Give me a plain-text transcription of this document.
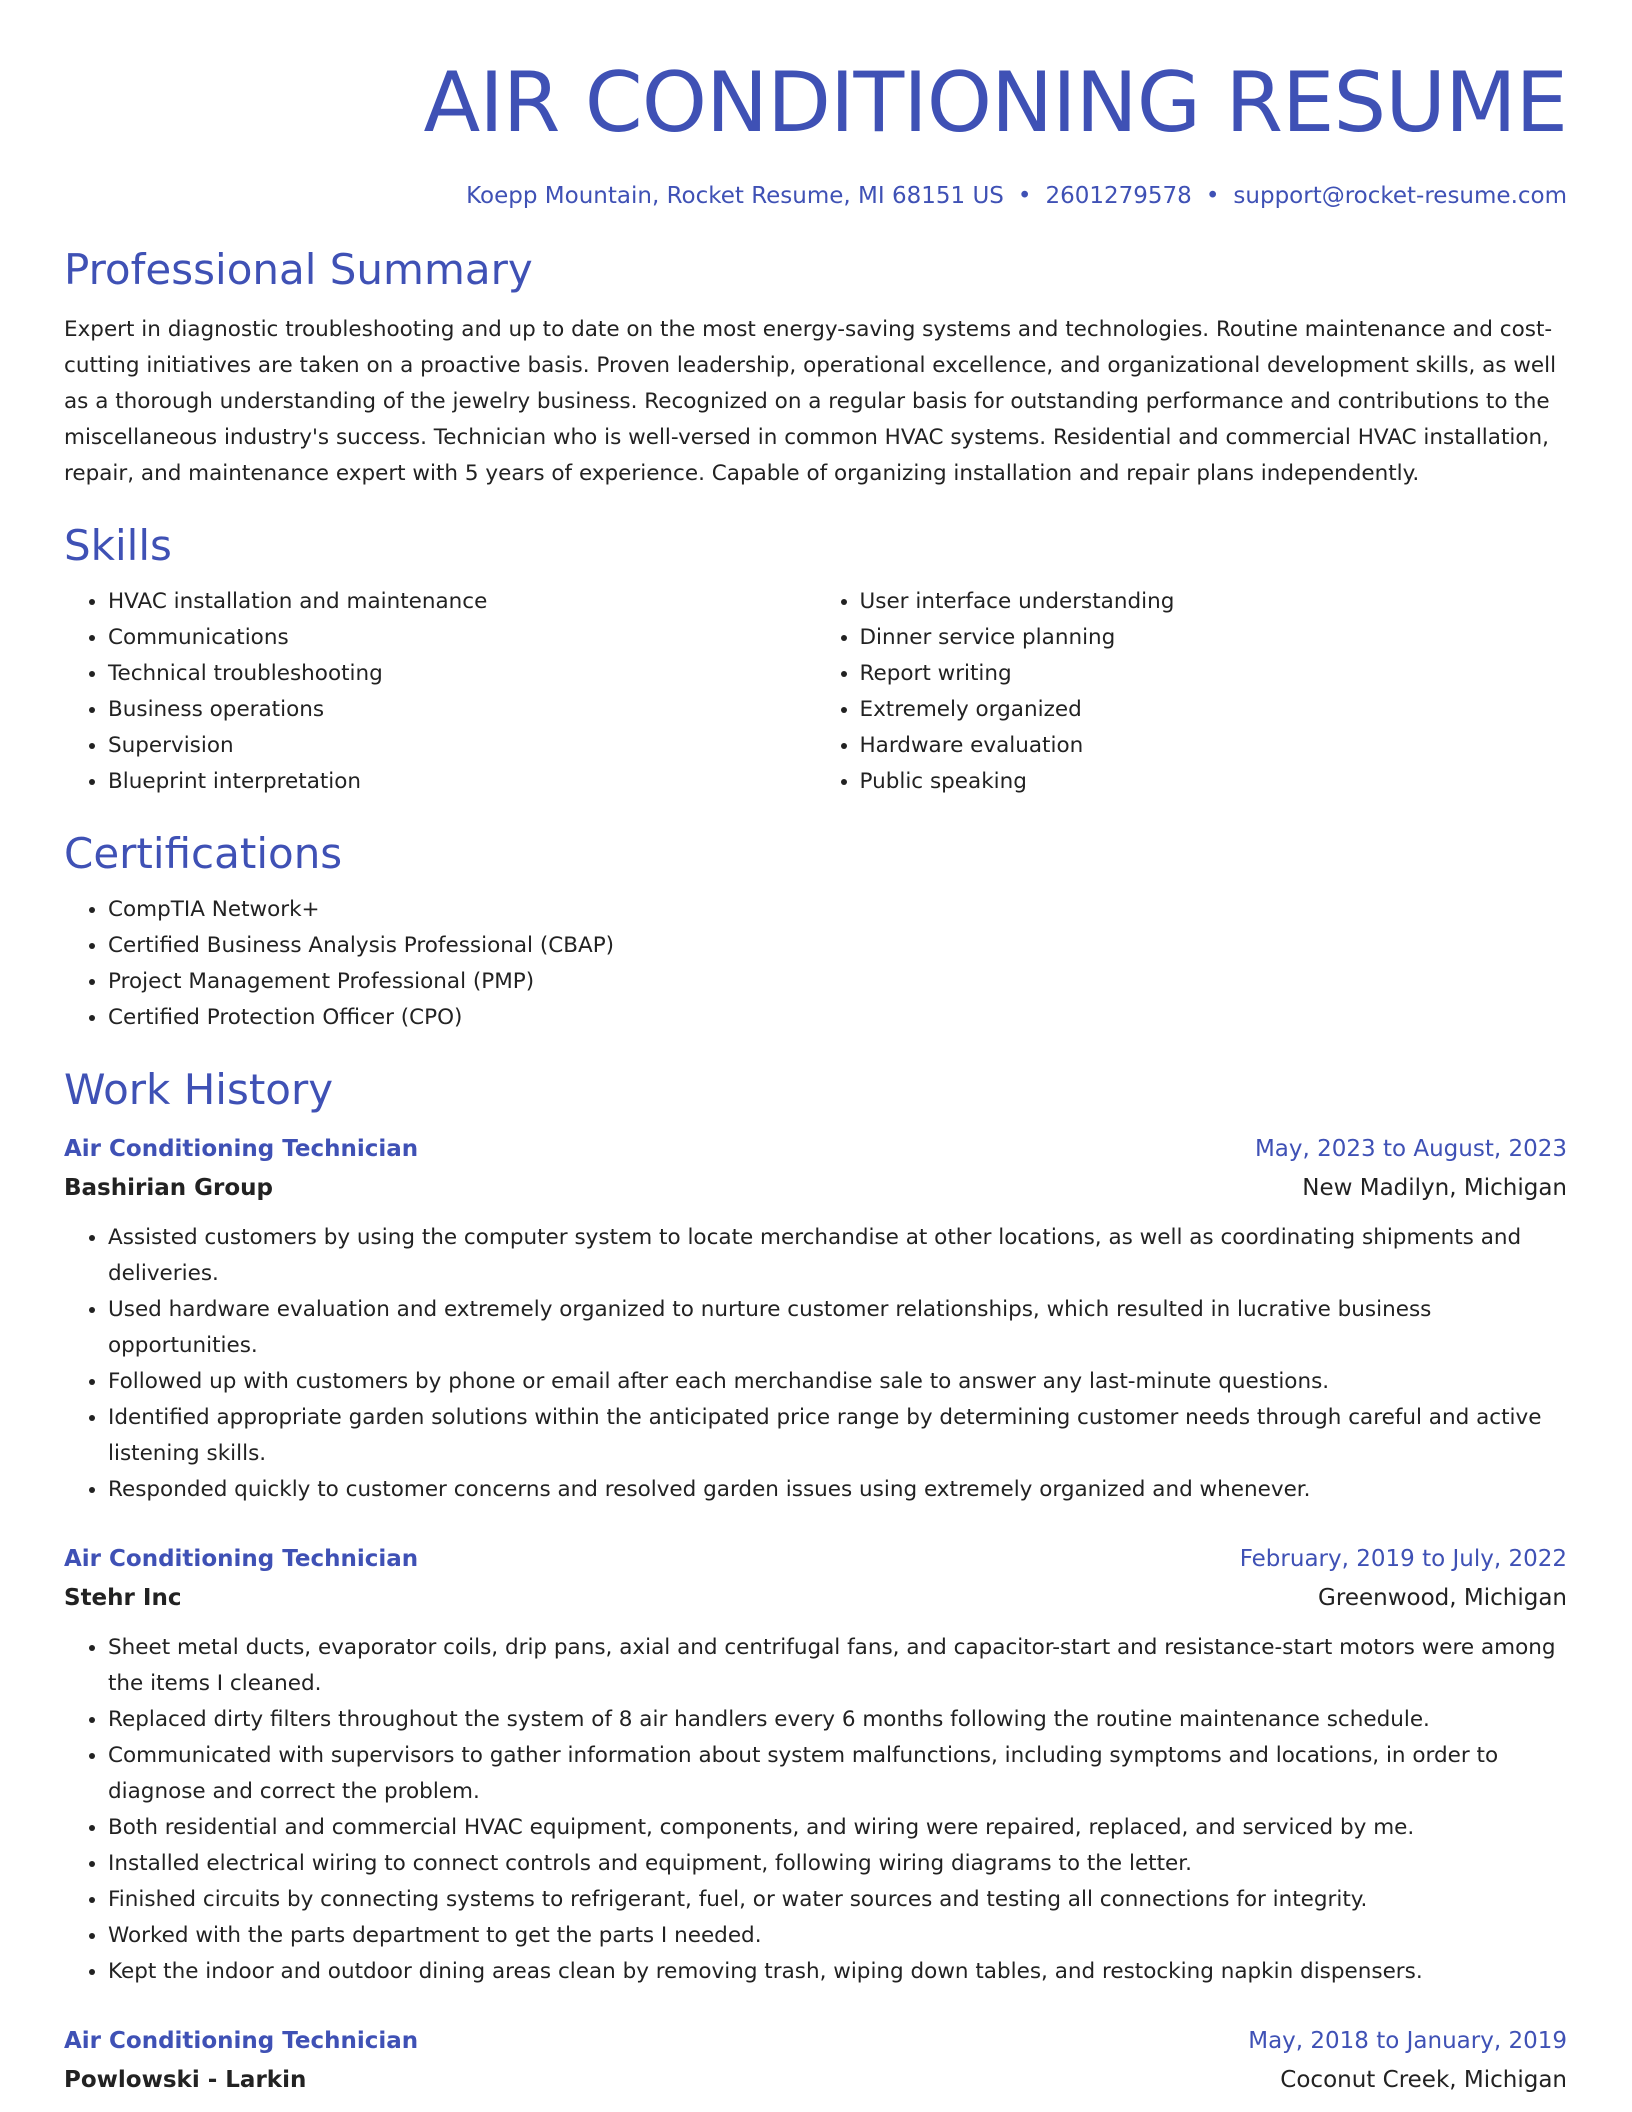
AIR CONDITIONING RESUME
Koepp Mountain, Rocket Resume, MI 68151 US • 2601279578 • support@rocket-resume.com
Professional Summary

Expert in diagnostic troubleshooting and up to date on the most energy-saving systems and technologies. Routine maintenance and cost-cutting initiatives are taken on a proactive basis. Proven leadership, operational excellence, and organizational development skills, as well as a thorough understanding of the jewelry business. Recognized on a regular basis for outstanding performance and contributions to the miscellaneous industry's success. Technician who is well-versed in common HVAC systems. Residential and commercial HVAC installation, repair, and maintenance expert with 5 years of experience. Capable of organizing installation and repair plans independently.

Skills
• HVAC installation and maintenance
• Communications
• Technical troubleshooting
• Business operations
• Supervision
• Blueprint interpretation
• User interface understanding
• Dinner service planning
• Report writing
• Extremely organized
• Hardware evaluation
• Public speaking
Certifications
• CompTIA Network+
• Certified Business Analysis Professional (CBAP)
• Project Management Professional (PMP)
• Certified Protection Officer (CPO)
Work History
Air Conditioning Technician	May, 2023 to August, 2023
Bashirian Group	New Madilyn, Michigan
• Assisted customers by using the computer system to locate merchandise at other locations, as well as coordinating shipments and deliveries.
• Used hardware evaluation and extremely organized to nurture customer relationships, which resulted in lucrative business opportunities.
• Followed up with customers by phone or email after each merchandise sale to answer any last-minute questions.
• Identified appropriate garden solutions within the anticipated price range by determining customer needs through careful and active listening skills.
• Responded quickly to customer concerns and resolved garden issues using extremely organized and whenever.
Air Conditioning Technician	February, 2019 to July, 2022
Stehr Inc	Greenwood, Michigan
• Sheet metal ducts, evaporator coils, drip pans, axial and centrifugal fans, and capacitor-start and resistance-start motors were among the items I cleaned.
• Replaced dirty filters throughout the system of 8 air handlers every 6 months following the routine maintenance schedule.
• Communicated with supervisors to gather information about system malfunctions, including symptoms and locations, in order to diagnose and correct the problem.
• Both residential and commercial HVAC equipment, components, and wiring were repaired, replaced, and serviced by me.
• Installed electrical wiring to connect controls and equipment, following wiring diagrams to the letter.
• Finished circuits by connecting systems to refrigerant, fuel, or water sources and testing all connections for integrity.
• Worked with the parts department to get the parts I needed.
• Kept the indoor and outdoor dining areas clean by removing trash, wiping down tables, and restocking napkin dispensers.
Air Conditioning Technician	May, 2018 to January, 2019
Powlowski - Larkin	Coconut Creek, Michigan
